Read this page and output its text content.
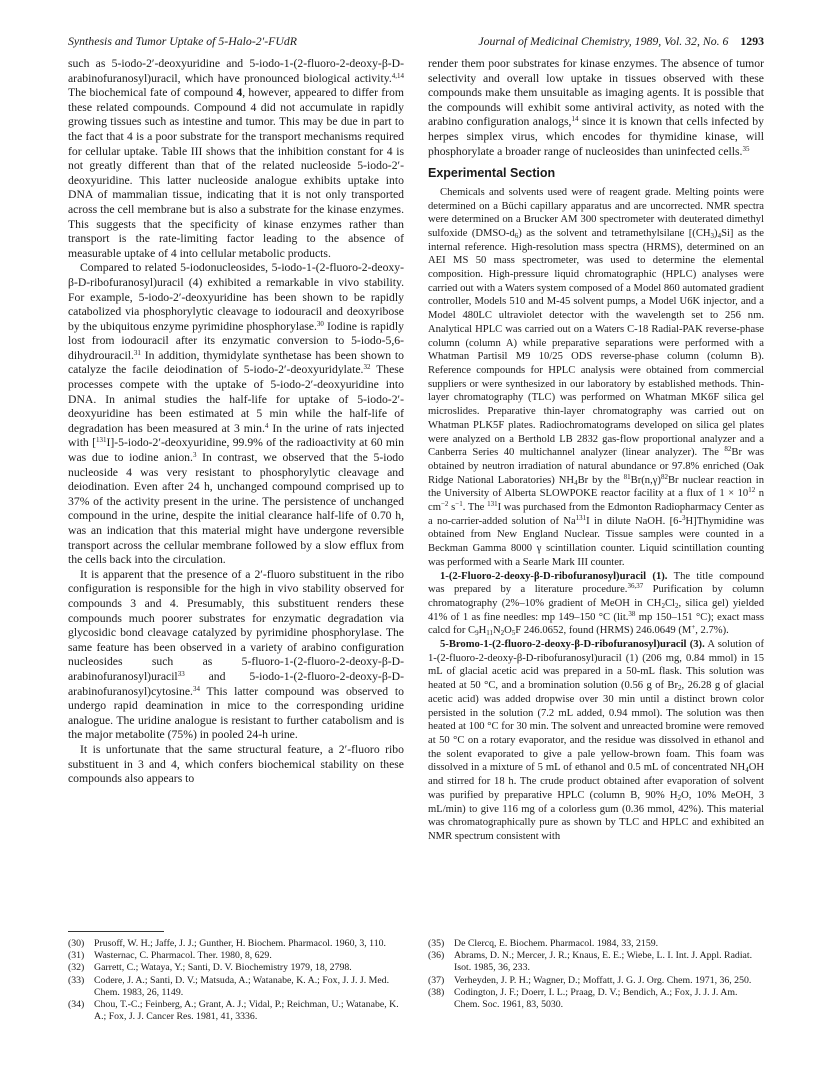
Synthesis and Tumor Uptake of 5-Halo-2′-FUdR	Journal of Medicinal Chemistry, 1989, Vol. 32, No. 6 1293

such as 5-iodo-2′-deoxyuridine and 5-iodo-1-(2-fluoro-2-deoxy-β-D-arabinofuranosyl)uracil, which have pronounced biological activity.$^{4,14}$ The biochemical fate of compound 4, however, appeared to differ from these related compounds. Compound 4 did not accumulate in rapidly growing tissues such as intestine and tumor. This may be due in part to the fact that 4 is a poor substrate for the transport mechanisms required for cellular uptake. Table III shows that the inhibition constant for 4 is not greatly different than that of the related nucleoside 5-iodo-2′-deoxyuridine. This latter nucleoside analogue exhibits uptake into DNA of mammalian tissue, indicating that it is not only transported across the cell membrane but is also a substrate for the kinase enzymes. This suggests that the specificity of kinase enzymes rather than transport is the rate-limiting factor leading to the absence of measurable uptake of 4 into cellular metabolic products.

Compared to related 5-iodonucleosides, 5-iodo-1-(2-fluoro-2-deoxy-β-D-ribofuranosyl)uracil (4) exhibited a remarkable in vivo stability. For example, 5-iodo-2′-deoxyuridine has been shown to be rapidly catabolized via phosphorylytic cleavage to iodouracil and deoxyribose by the ubiquitous enzyme pyrimidine phosphorylase.$^{30}$ Iodine is rapidly lost from iodouracil after its enzymatic conversion to 5-iodo-5,6-dihydrouracil.$^{31}$ In addition, thymidylate synthetase has been shown to catalyze the facile deiodination of 5-iodo-2′-deoxyuridylate.$^{32}$ These processes compete with the uptake of 5-iodo-2′-deoxyuridine into DNA. In animal studies the half-life for uptake of 5-iodo-2′-deoxyuridine has been estimated at 5 min while the half-life of degradation has been measured at 3 min.$^4$ In the urine of rats injected with [$^{131}$I]-5-iodo-2′-deoxyuridine, 99.9% of the radioactivity at 60 min was due to iodine anion.$^3$ In contrast, we observed that the 5-iodo nucleoside 4 was very resistant to phosphorylytic cleavage and deiodination. Even after 24 h, unchanged compound comprised up to 37% of the activity present in the urine. The persistence of unchanged compound in the urine, despite the initial clearance half-life of 0.70 h, was an indication that this material might have undergone reversible transport across the cellular membrane followed by a slow efflux from the cells back into the circulation.

It is apparent that the presence of a 2′-fluoro substituent in the ribo configuration is responsible for the high in vivo stability observed for compounds 3 and 4. Presumably, this substituent renders these compounds much poorer substrates for enzymatic degradation via glycosidic bond cleavage catalyzed by pyrimidine phosphorylase. The same feature has been observed in a variety of arabino configuration nucleosides such as 5-fluoro-1-(2-fluoro-2-deoxy-β-D-arabinofuranosyl)uracil$^{33}$ and 5-iodo-1-(2-fluoro-2-deoxy-β-D-arabinofuranosyl)cytosine.$^{34}$ This latter compound was observed to undergo rapid deamination in mice to the corresponding uridine analogue. The uridine analogue is resistant to further catabolism and is the major metabolite (75%) in pooled 24-h urine.

It is unfortunate that the same structural feature, a 2′-fluoro ribo substituent in 3 and 4, which confers biochemical stability on these compounds also appears to

render them poor substrates for kinase enzymes. The absence of tumor selectivity and overall low uptake in tissues observed with these compounds make them unsuitable as imaging agents. It is possible that the compounds will exhibit some antiviral activity, as noted with the arabino configuration analogs,$^{14}$ since it is known that cells infected by herpes simplex virus, which encodes for thymidine kinase, will phosphorylate a broader range of nucleosides than uninfected cells.$^{35}$

Experimental Section

Chemicals and solvents used were of reagent grade. Melting points were determined on a Büchi capillary apparatus and are uncorrected. NMR spectra were determined on a Brucker AM 300 spectrometer with deuterated dimethyl sulfoxide $(DMSO-d_6)$ as the solvent and tetramethylsilane $[(CH_3)_4Si]$ as the internal reference. High-resolution mass spectra (HRMS), determined on an AEI MS 50 mass spectrometer, was used to determine the elemental composition. High-pressure liquid chromatographic (HPLC) analyses were carried out with a Waters system composed of a Model 860 automated gradient controller, Models 510 and M-45 solvent pumps, a Model U6K injector, and a Model 480LC ultraviolet detector with the wavelength set to 256 nm. Analytical HPLC was carried out on a Waters C-18 Radial-PAK reverse-phase column (column A) while preparative separations were performed with a Whatman Partisil M9 10/25 ODS reverse-phase column (column B). Reference compounds for HPLC analysis were obtained from commercial suppliers or were synthesized in our laboratory by established methods. Thin-layer chromatography (TLC) was performed on Whatman MK6F silica gel microslides. Preparative thin-layer chromatography was carried out on Whatman PLK5F plates. Radiochromatograms developed on silica gel plates were analyzed on a Berthold LB 2832 gas-flow proportional analyzer and a Canberra Series 40 multichannel analyzer (linear analyzer). The $^{82}$Br was obtained by neutron irradiation of natural abundance or 97.8% enriched (Oak Ridge National Laboratories) $NH_4Br$ by the $^{81}Br(n,\gamma)^{82}Br$ nuclear reaction in the University of Alberta SLOWPOKE reactor facility at a flux of $1 \times 10^{12}$ n $cm^{-2}$ $s^{-1}$. The $^{131}$I was purchased from the Edmonton Radiopharmacy Center as a no-carrier-added solution of Na$^{131}$I in dilute NaOH. [6-$^3$H]Thymidine was obtained from New England Nuclear. Tissue samples were counted in a Beckman Gamma 8000 γ scintillation counter. Liquid scintillation counting was performed with a Searle Mark III counter.

1-(2-Fluoro-2-deoxy-β-D-ribofuranosyl)uracil (1). The title compound was prepared by a literature procedure.$^{36,37}$ Purification by column chromatography (2%–10% gradient of MeOH in $CH_2Cl_2$, silica gel) yielded 41% of 1 as fine needles: mp 149–150 °C (lit.$^{38}$ mp 150–151 °C); exact mass calcd for $C_9H_{11}N_2O_5F$ 246.0652, found (HRMS) 246.0649 (M+, 2.7%).

5-Bromo-1-(2-fluoro-2-deoxy-β-D-ribofuranosyl)uracil (3). A solution of 1-(2-fluoro-2-deoxy-β-D-ribofuranosyl)uracil (1) (206 mg, 0.84 mmol) in 15 mL of glacial acetic acid was prepared in a 50-mL flask. This solution was heated at 50 °C, and a bromination solution (0.56 g of $Br_2$, 26.28 g of glacial acetic acid) was added dropwise over 30 min until a distinct brown color persisted in the solution (7.2 mL added, 0.94 mmol). The solution was then heated at 100 °C for 30 min. The solvent and unreacted bromine were removed at 50 °C on a rotary evaporator, and the residue was dissolved in ethanol and the solent evaporated to give a pale yellow-brown foam. This foam was dissolved in a mixture of 5 mL of ethanol and 0.5 mL of concentrated $NH_4OH$ and stirred for 18 h. The crude product obtained after evaporation of solvent was purified by preparative HPLC (column B, 90% $H_2O$, 10% MeOH, 3 mL/min) to give 116 mg of a colorless gum (0.36 mmol, 42%). This material was chromatographically pure as shown by TLC and HPLC and exhibited an NMR spectrum consistent with

(30) Prusoff, W. H.; Jaffe, J. J.; Gunther, H. Biochem. Pharmacol. 1960, 3, 110.
(31) Wasternac, C. Pharmacol. Ther. 1980, 8, 629.
(32) Garrett, C.; Wataya, Y.; Santi, D. V. Biochemistry 1979, 18, 2798.
(33) Codere, J. A.; Santi, D. V.; Matsuda, A.; Watanabe, K. A.; Fox, J. J. J. Med. Chem. 1983, 26, 1149.
(34) Chou, T.-C.; Feinberg, A.; Grant, A. J.; Vidal, P.; Reichman, U.; Watanabe, K. A.; Fox, J. J. Cancer Res. 1981, 41, 3336.
(35) De Clercq, E. Biochem. Pharmacol. 1984, 33, 2159.
(36) Abrams, D. N.; Mercer, J. R.; Knaus, E. E.; Wiebe, L. I. Int. J. Appl. Radiat. Isot. 1985, 36, 233.
(37) Verheyden, J. P. H.; Wagner, D.; Moffatt, J. G. J. Org. Chem. 1971, 36, 250.
(38) Codington, J. F.; Doerr, I. L.; Praag, D. V.; Bendich, A.; Fox, J. J. J. Am. Chem. Soc. 1961, 83, 5030.
